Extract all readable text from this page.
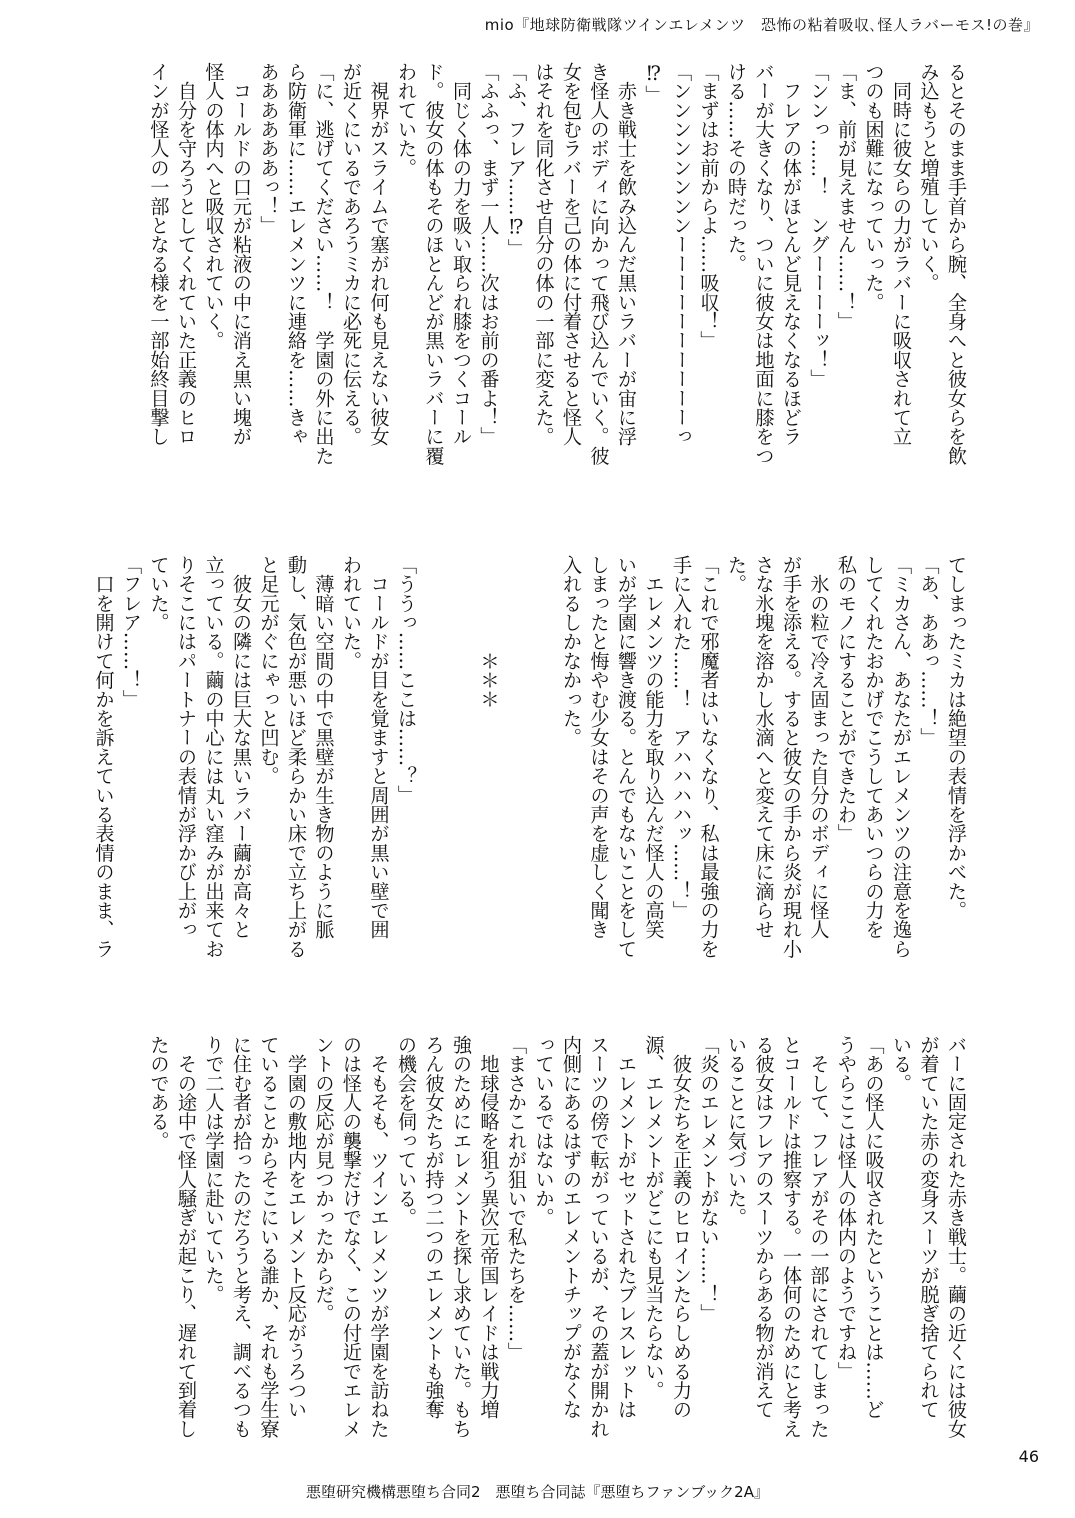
mio『地球防衛戦隊ツインエレメンツ　恐怖の粘着吸収､怪人ラバーモス!の巻』
るとそのまま手首から腕、全身へと彼女らを飲
み込もうと増殖していく。
　同時に彼女らの力がラバーに吸収されて立
つのも困難になっていった。
「ま、前が見えません……！」
「ンンっ……！　ングーーーーッ！」
　フレアの体がほとんど見えなくなるほどラ
バーが大きくなり、ついに彼女は地面に膝をつ
ける……その時だった。
「まずはお前からよ……吸収！」
「ンンンンンンンンーーーーーーーーーーっ
⁉」
　赤き戦士を飲み込んだ黒いラバーが宙に浮
き怪人のボディに向かって飛び込んでいく。彼
女を包むラバーを己の体に付着させると怪人
はそれを同化させ自分の体の一部に変えた。
「ふ、フレア……⁉」
「ふふっ、まず一人……次はお前の番よ！」
　同じく体の力を吸い取られ膝をつくコール
ド。彼女の体もそのほとんどが黒いラバーに覆
われていた。
　視界がスライムで塞がれ何も見えない彼女
が近くにいるであろうミカに必死に伝える。
「に、逃げてください……！　学園の外に出た
ら防衛軍に……エレメンツに連絡を……きゃ
ああああああっ！」
　コールドの口元が粘液の中に消え黒い塊が
怪人の体内へと吸収されていく。
　自分を守ろうとしてくれていた正義のヒロ
インが怪人の一部となる様を一部始終目撃し
てしまったミカは絶望の表情を浮かべた。
「あ、ああっ……！」
「ミカさん、あなたがエレメンツの注意を逸ら
してくれたおかげでこうしてあいつらの力を
私のモノにすることができたわ」
　氷の粒で冷え固まった自分のボディに怪人
が手を添える。すると彼女の手から炎が現れ小
さな氷塊を溶かし水滴へと変えて床に滴らせ
た。
「これで邪魔者はいなくなり、私は最強の力を
手に入れた……！　アハハハハッ……！」
　エレメンツの能力を取り込んだ怪人の高笑
いが学園に響き渡る。とんでもないことをして
しまったと悔やむ少女はその声を虚しく聞き
入れるしかなかった。

　　　　　＊＊＊

「ううっ……ここは……？」
　コールドが目を覚ますと周囲が黒い壁で囲
われていた。
　薄暗い空間の中で黒壁が生き物のように脈
動し、気色が悪いほど柔らかい床で立ち上がる
と足元がぐにゃっと凹む。
　彼女の隣には巨大な黒いラバー繭が高々と
立っている。繭の中心には丸い窪みが出来てお
りそこにはパートナーの表情が浮かび上がっ
ていた。
「フレア……！」
　口を開けて何かを訴えている表情のまま、ラ
バーに固定された赤き戦士。繭の近くには彼女
が着ていた赤の変身スーツが脱ぎ捨てられて
いる。
「あの怪人に吸収されたということは……ど
うやらここは怪人の体内のようですね」
　そして、フレアがその一部にされてしまった
とコールドは推察する。一体何のためにと考え
る彼女はフレアのスーツからある物が消えて
いることに気づいた。
「炎のエレメントがない……！」
　彼女たちを正義のヒロインたらしめる力の
源、エレメントがどこにも見当たらない。
　エレメントがセットされたブレスレットは
スーツの傍で転がっているが、その蓋が開かれ
内側にあるはずのエレメントチップがなくな
っているではないか。
「まさかこれが狙いで私たちを……」
　地球侵略を狙う異次元帝国レイドは戦力増
強のためにエレメントを探し求めていた。もち
ろん彼女たちが持つ二つのエレメントも強奪
の機会を伺っている。
　そもそも、ツインエレメンツが学園を訪ねた
のは怪人の襲撃だけでなく、この付近でエレメ
ントの反応が見つかったからだ。
　学園の敷地内をエレメント反応がうろつい
ていることからそこにいる誰か、それも学生寮
に住む者が拾ったのだろうと考え、調べるつも
りで二人は学園に赴いていた。
　その途中で怪人騒ぎが起こり、遅れて到着し
たのである。
46
悪堕研究機構悪堕ち合同2　悪堕ち合同誌『悪堕ちファンブック2A』
